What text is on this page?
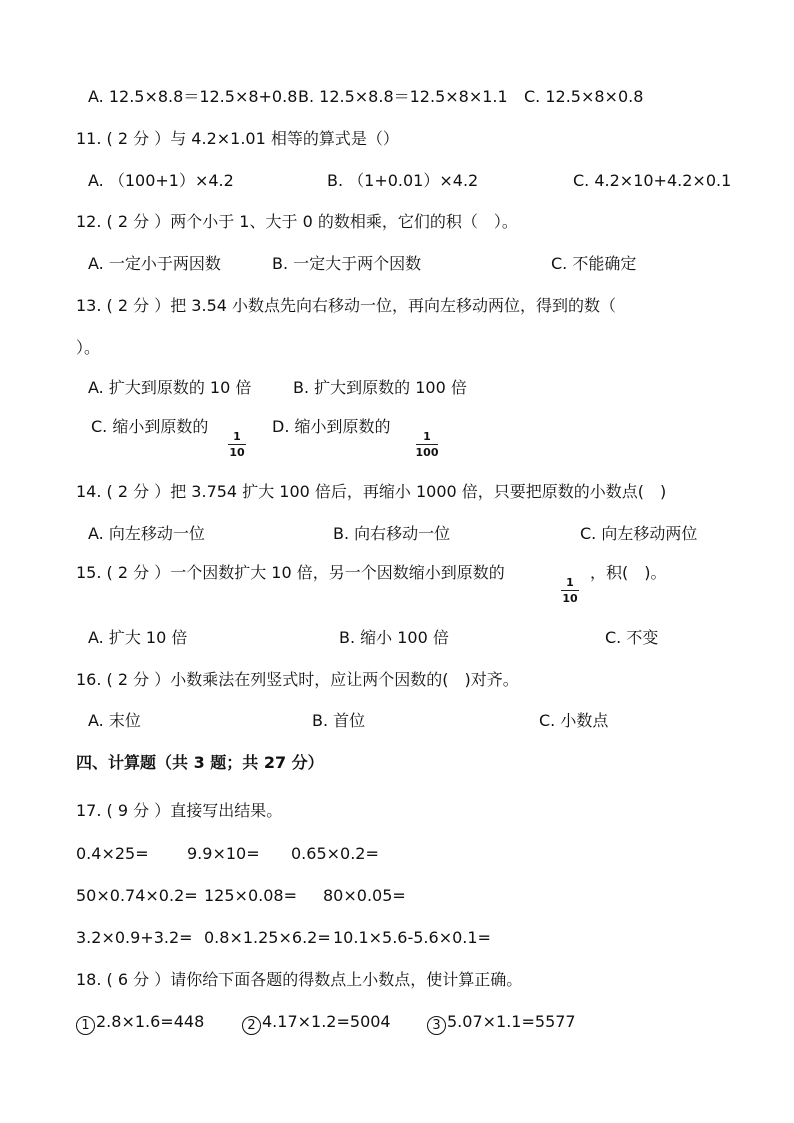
A. 12.5×8.8＝12.5×8+0.8 B. 12.5×8.8＝12.5×8×1.1 C. 12.5×8×0.8
11. ( 2 分 ）与 4.2×1.01 相等的算式是（）
A. （100+1）×4.2	B. （1+0.01）×4.2	C. 4.2×10+4.2×0.1
12. ( 2 分 ）两个小于 1、大于 0 的数相乘，它们的积（　）。
A. 一定小于两因数	B. 一定大于两个因数	C. 不能确定
13. ( 2 分 ）把 3.54 小数点先向右移动一位，再向左移动两位，得到的数（
）。
A. 扩大到原数的 10 倍	B. 扩大到原数的 100 倍
C. 缩小到原数的
1
10
D. 缩小到原数的
1
100
14. ( 2 分 ）把 3.754 扩大 100 倍后，再缩小 1000 倍，只要把原数的小数点(　)
A. 向左移动一位	B. 向右移动一位	C. 向左移动两位
15. ( 2 分 ）一个因数扩大 10 倍，另一个因数缩小到原数的
1
10
，积(　)。
A. 扩大 10 倍	B. 缩小 100 倍	C. 不变
16. ( 2 分 ）小数乘法在列竖式时，应让两个因数的(　)对齐。
A. 末位	B. 首位	C. 小数点
四、计算题（共 3 题；共 27 分）
17. ( 9 分 ）直接写出结果。
0.4×25= 9.9×10= 0.65×0.2=
50×0.74×0.2= 125×0.08= 80×0.05=
3.2×0.9+3.2= 0.8×1.25×6.2= 10.1×5.6-5.6×0.1=
18. ( 6 分 ）请你给下面各题的得数点上小数点，使计算正确。
1 2.8×1.6=448	2 4.17×1.2=5004	3 5.07×1.1=5577
